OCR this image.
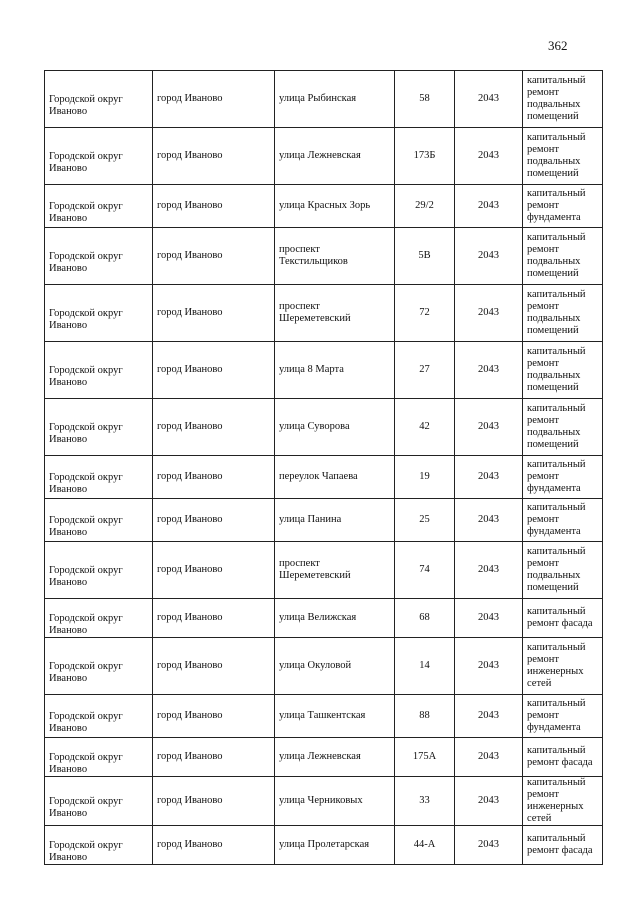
362
Городской округ Иваново	город Иваново	улица Рыбинская	58	2043	капитальный ремонт подвальных помещений
Городской округ Иваново	город Иваново	улица Лежневская	173Б	2043	капитальный ремонт подвальных помещений
Городской округ Иваново	город Иваново	улица Красных Зорь	29/2	2043	капитальный ремонт фундамента
Городской округ Иваново	город Иваново	проспект Текстильщиков	5В	2043	капитальный ремонт подвальных помещений
Городской округ Иваново	город Иваново	проспект Шереметевский	72	2043	капитальный ремонт подвальных помещений
Городской округ Иваново	город Иваново	улица 8 Марта	27	2043	капитальный ремонт подвальных помещений
Городской округ Иваново	город Иваново	улица Суворова	42	2043	капитальный ремонт подвальных помещений
Городской округ Иваново	город Иваново	переулок Чапаева	19	2043	капитальный ремонт фундамента
Городской округ Иваново	город Иваново	улица Панина	25	2043	капитальный ремонт фундамента
Городской округ Иваново	город Иваново	проспект Шереметевский	74	2043	капитальный ремонт подвальных помещений
Городской округ Иваново	город Иваново	улица Велижская	68	2043	капитальный ремонт фасада
Городской округ Иваново	город Иваново	улица Окуловой	14	2043	капитальный ремонт инженерных сетей
Городской округ Иваново	город Иваново	улица Ташкентская	88	2043	капитальный ремонт фундамента
Городской округ Иваново	город Иваново	улица Лежневская	175А	2043	капитальный ремонт фасада
Городской округ Иваново	город Иваново	улица Черниковых	33	2043	капитальный ремонт инженерных сетей
Городской округ Иваново	город Иваново	улица Пролетарская	44-А	2043	капитальный ремонт фасада
